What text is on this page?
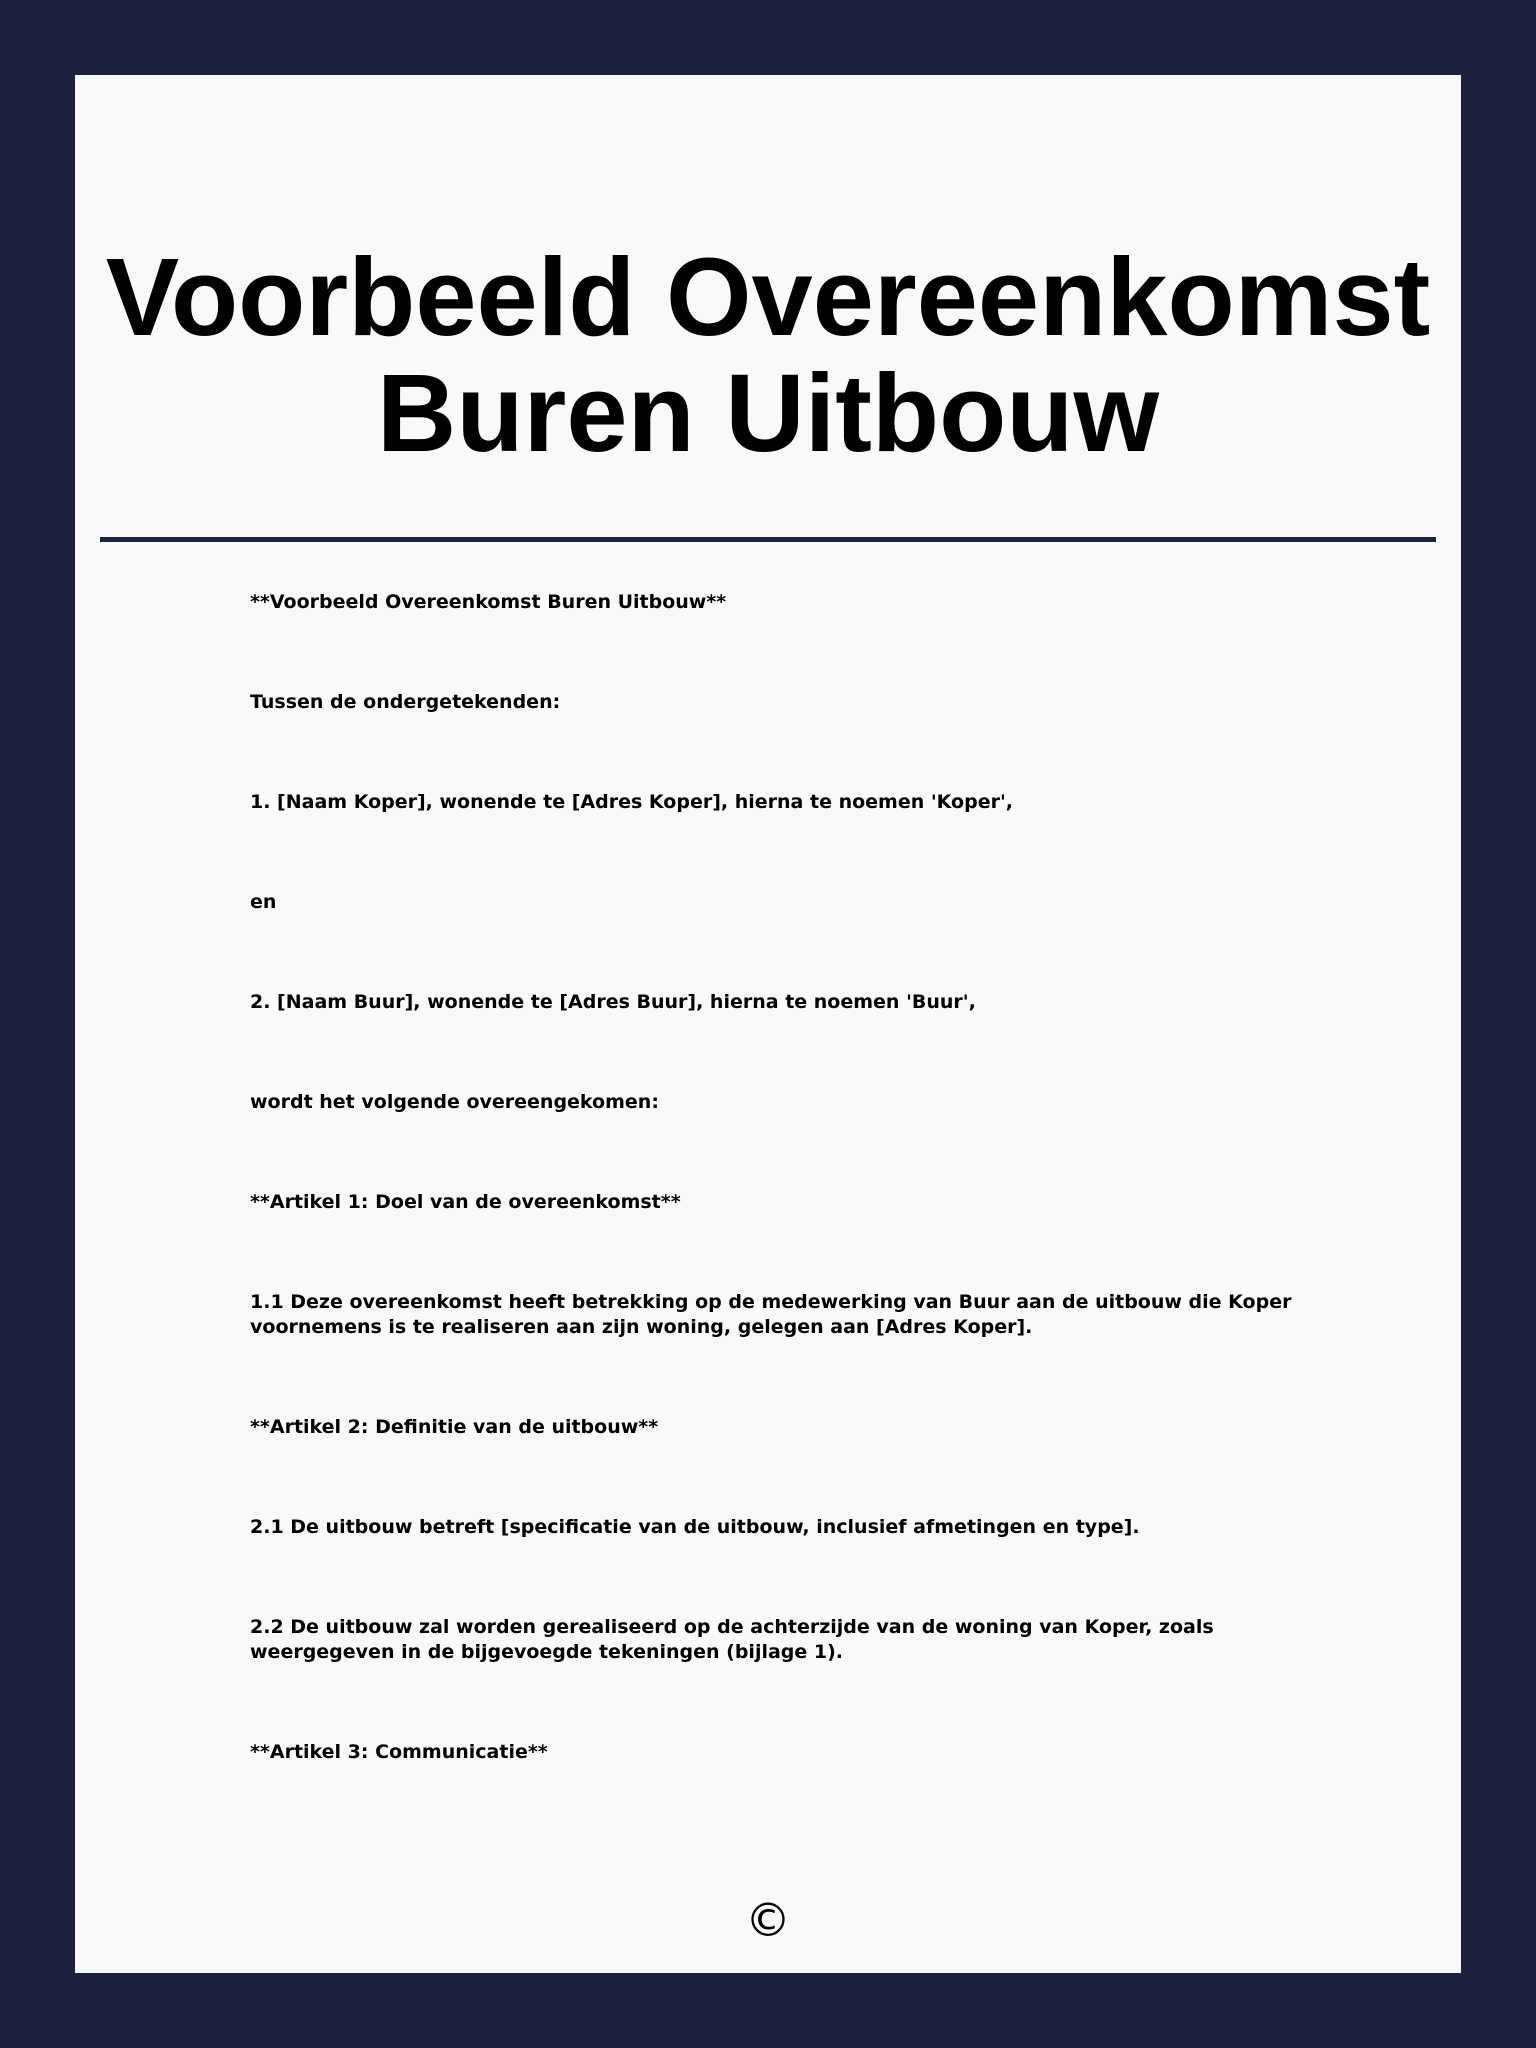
Voorbeeld Overeenkomst
Buren Uitbouw

**Voorbeeld Overeenkomst Buren Uitbouw**

Tussen de ondergetekenden:

1. [Naam Koper], wonende te [Adres Koper], hierna te noemen 'Koper',

en

2. [Naam Buur], wonende te [Adres Buur], hierna te noemen 'Buur',

wordt het volgende overeengekomen:

**Artikel 1: Doel van de overeenkomst**

1.1 Deze overeenkomst heeft betrekking op de medewerking van Buur aan de uitbouw die Koper voornemens is te realiseren aan zijn woning, gelegen aan [Adres Koper].

**Artikel 2: Definitie van de uitbouw**

2.1 De uitbouw betreft [specificatie van de uitbouw, inclusief afmetingen en type].

2.2 De uitbouw zal worden gerealiseerd op de achterzijde van de woning van Koper, zoals weergegeven in de bijgevoegde tekeningen (bijlage 1).

**Artikel 3: Communicatie**

©
